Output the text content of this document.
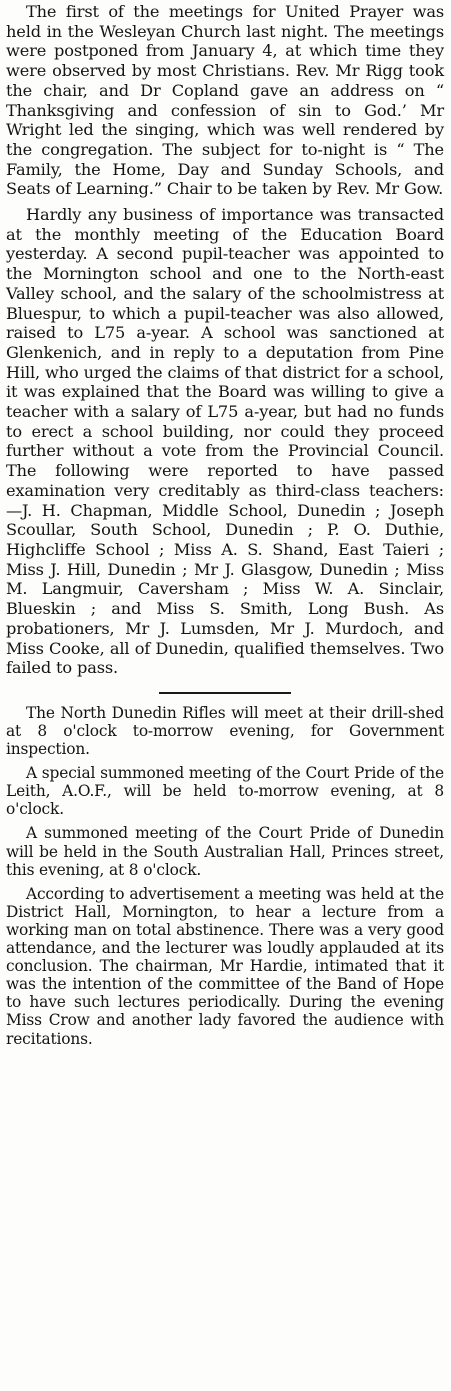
The first of the meetings for United Prayer was held in the Wesleyan Church last night. The meetings were postponed from January 4, at which time they were observed by most Christians. Rev. Mr Rigg took the chair, and Dr Copland gave an address on “ Thanksgiving and confession of sin to God.’ Mr Wright led the singing, which was well rendered by the congregation. The subject for to-night is “ The Family, the Home, Day and Sunday Schools, and Seats of Learning.” Chair to be taken by Rev. Mr Gow.

Hardly any business of importance was transacted at the monthly meeting of the Education Board yesterday. A second pupil-teacher was appointed to the Mornington school and one to the North-east Valley school, and the salary of the schoolmistress at Bluespur, to which a pupil-teacher was also allowed, raised to L75 a-year. A school was sanctioned at Glenkenich, and in reply to a deputation from Pine Hill, who urged the claims of that district for a school, it was explained that the Board was willing to give a teacher with a salary of L75 a-year, but had no funds to erect a school building, nor could they proceed further without a vote from the Provincial Council. The following were reported to have passed examination very creditably as third-class teachers: —J. H. Chapman, Middle School, Dunedin ; Joseph Scoullar, South School, Dunedin ; P. O. Duthie, Highcliffe School ; Miss A. S. Shand, East Taieri ; Miss J. Hill, Dunedin ; Mr J. Glasgow, Dunedin ; Miss M. Langmuir, Caversham ; Miss W. A. Sinclair, Blueskin ; and Miss S. Smith, Long Bush. As probationers, Mr J. Lumsden, Mr J. Murdoch, and Miss Cooke, all of Dunedin, qualified themselves. Two failed to pass.

The North Dunedin Rifles will meet at their drill-shed at 8 o'clock to-morrow evening, for Government inspection.

A special summoned meeting of the Court Pride of the Leith, A.O.F., will be held to-morrow evening, at 8 o'clock.

A summoned meeting of the Court Pride of Dunedin will be held in the South Australian Hall, Princes street, this evening, at 8 o'clock.

According to advertisement a meeting was held at the District Hall, Mornington, to hear a lecture from a working man on total abstinence. There was a very good attendance, and the lecturer was loudly applauded at its conclusion. The chairman, Mr Hardie, intimated that it was the intention of the committee of the Band of Hope to have such lectures periodically. During the evening Miss Crow and another lady favored the audience with recitations.
